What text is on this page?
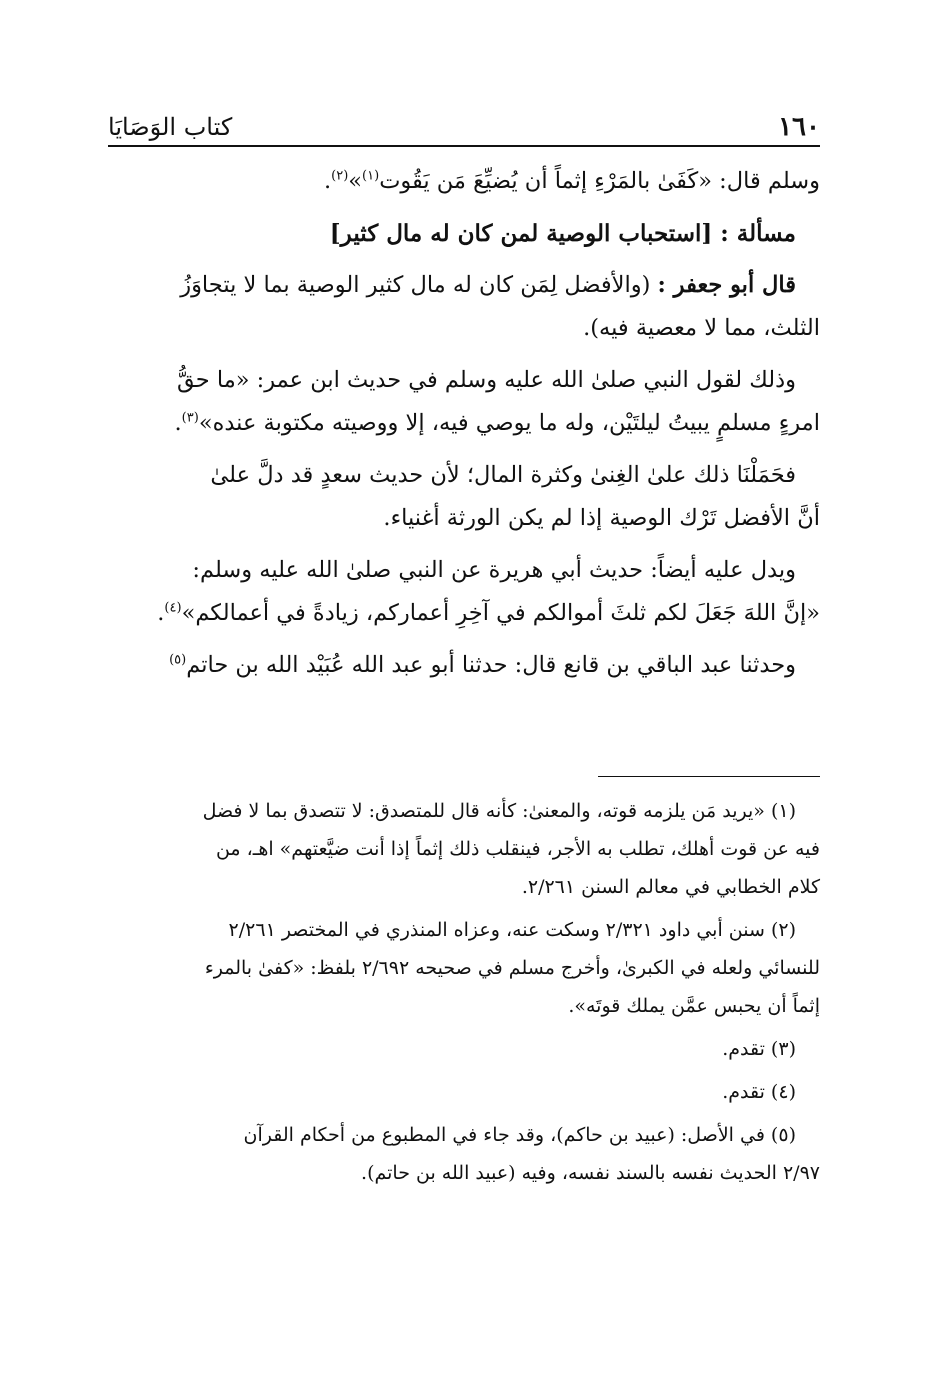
١٦٠
كتاب الوَصَايَا

وسلم قال: «كَفَىٰ بالمَرْءِ إثماً أن يُضيِّعَ مَن يَقُوت$^{(١)}$»$^{(٢)}$.

مسألة : [استحباب الوصية لمن كان له مال كثير]

قال أبو جعفر : (والأفضل لِمَن كان له مال كثير الوصية بما لا يتجاوَزُ
الثلث، مما لا معصية فيه).

وذلك لقول النبي صلىٰ الله عليه وسلم في حديث ابن عمر: «ما حقُّ
امرءٍ مسلمٍ يبيتُ ليلتَيْن، وله ما يوصي فيه، إلا ووصيته مكتوبة عنده»$^{(٣)}$.

فحَمَلْنَا ذلك علىٰ الغِنىٰ وكثرة المال؛ لأن حديث سعدٍ قد دلَّ علىٰ
أنَّ الأفضل تَرْك الوصية إذا لم يكن الورثة أغنياء.

ويدل عليه أيضاً: حديث أبي هريرة عن النبي صلىٰ الله عليه وسلم:
«إنَّ اللهَ جَعَلَ لكم ثلثَ أموالكم في آخِرِ أعماركم، زيادةً في أعمالكم»$^{(٤)}$.

وحدثنا عبد الباقي بن قانع قال: حدثنا أبو عبد الله عُبَيْد الله بن حاتم$^{(٥)}$

(١) «يريد مَن يلزمه قوته، والمعنىٰ: كأنه قال للمتصدق: لا تتصدق بما لا فضل
فيه عن قوت أهلك، تطلب به الأجر، فينقلب ذلك إثماً إذا أنت ضيَّعتهم» اهـ، من
كلام الخطابي في معالم السنن ٢/٢٦١.

(٢) سنن أبي داود ٢/٣٢١ وسكت عنه، وعزاه المنذري في المختصر ٢/٢٦١
للنسائي ولعله في الكبرىٰ، وأخرج مسلم في صحيحه ٢/٦٩٢ بلفظ: «كفىٰ بالمرء
إثماً أن يحبس عمَّن يملك قوتَه».

(٣) تقدم.

(٤) تقدم.

(٥) في الأصل: (عبيد بن حاكم)، وقد جاء في المطبوع من أحكام القرآن
٢/٩٧ الحديث نفسه بالسند نفسه، وفيه (عبيد الله بن حاتم).
